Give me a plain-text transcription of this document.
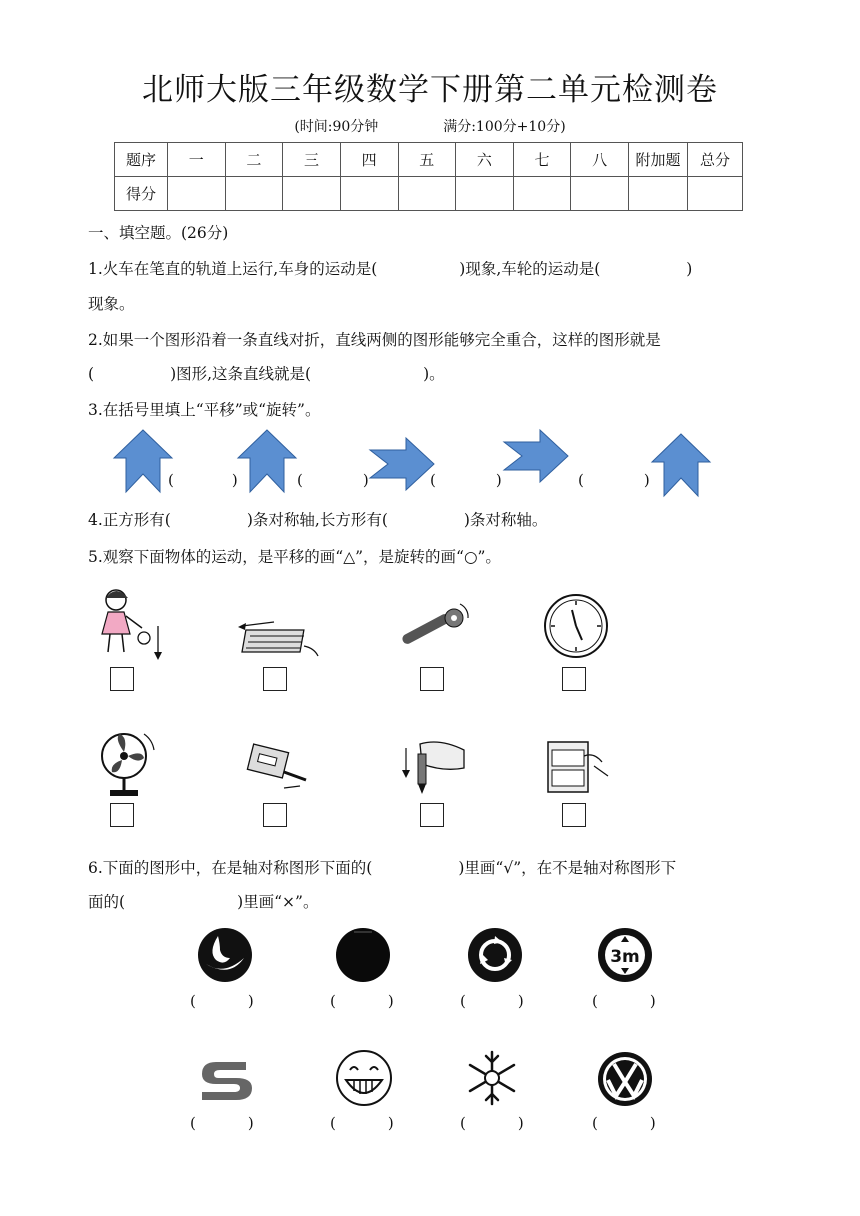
北师大版三年级数学下册第二单元检测卷
(时间:90分钟	满分:100分+10分)
题序	一	二	三	四	五	六	七	八	附加题	总分
得分										
一、填空题。(26分)
1.火车在笔直的轨道上运行,车身的运动是(	)现象,车轮的运动是(	)
现象。
2.如果一个图形沿着一条直线对折，直线两侧的图形能够完全重合，这样的图形就是
(	)图形,这条直线就是(	)。
3.在括号里填上“平移”或“旋转”。
(	)	(	)	(	)	(	)
4.正方形有(	)条对称轴,长方形有(	)条对称轴。
5.观察下面物体的运动，是平移的画“△”，是旋转的画“○”。
6.下面的图形中，在是轴对称图形下面的(	)里画“√”，在不是轴对称图形下
面的(	)里画“×”。
3m
(	)	(	)	(	)	(	)
(	)	(	)	(	)	(	)
